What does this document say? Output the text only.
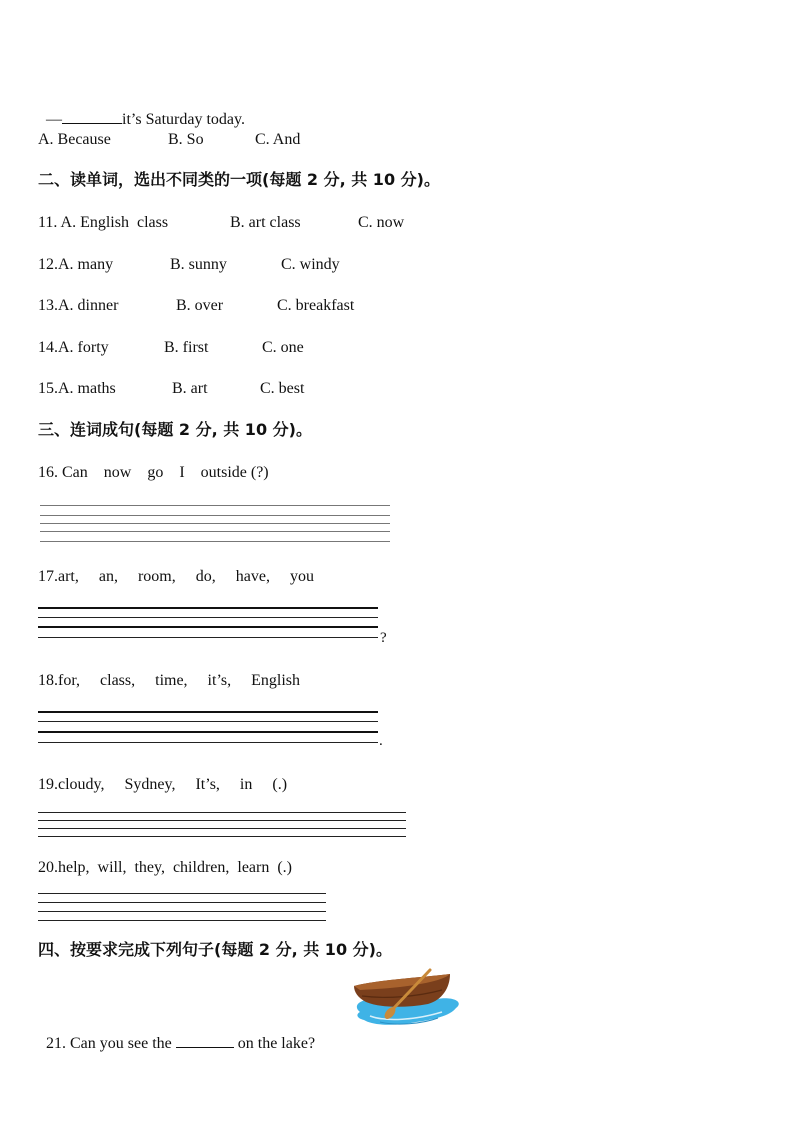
—	it’s Saturday today.

A. Because	B. So	C. And
二、读单词，选出不同类的一项(每题 2 分, 共 10 分)。
11. A. English  class	B. art class	C. now
12.A. many	B. sunny	C. windy
13.A. dinner	B. over	C. breakfast
14.A. forty	B. first	C. one
15.A. maths	B. art	C. best
三、连词成句(每题 2 分, 共 10 分)。
16. Can    now    go    I    outside (?)
17.art,     an,     room,     do,     have,     you
?
18.for,     class,     time,     it’s,     English
.
19.cloudy,     Sydney,     It’s,     in     (.)
20.help,  will,  they,  children,  learn  (.)
四、按要求完成下列句子(每题 2 分, 共 10 分)。

21. Can you see the	on the lake?
